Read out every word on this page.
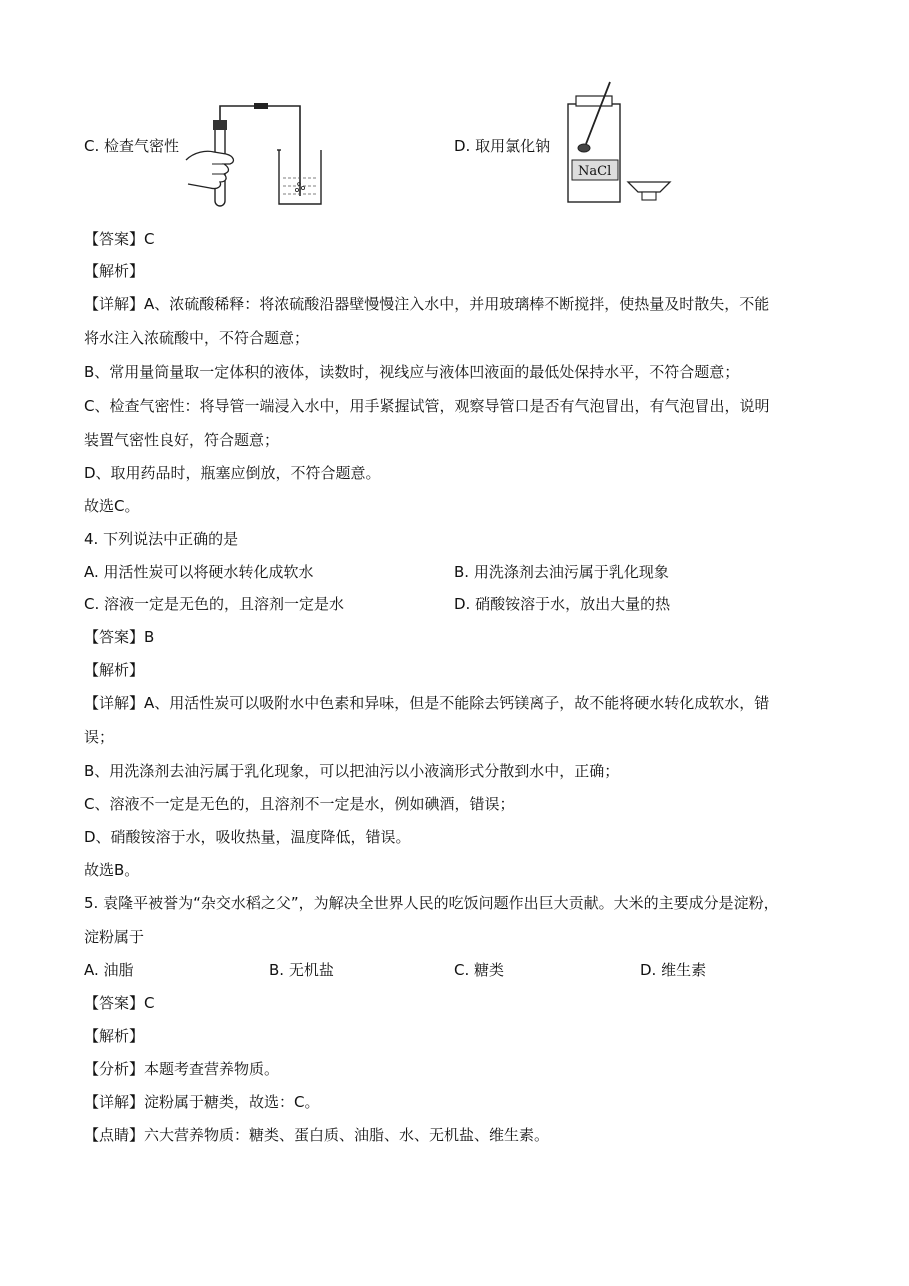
C. 检查气密性	D. 取用氯化钠
NaCl
【答案】C
【解析】
【详解】A、浓硫酸稀释：将浓硫酸沿器壁慢慢注入水中，并用玻璃棒不断搅拌，使热量及时散失，不能
将水注入浓硫酸中，不符合题意；
B、常用量筒量取一定体积的液体，读数时，视线应与液体凹液面的最低处保持水平，不符合题意；
C、检查气密性：将导管一端浸入水中，用手紧握试管，观察导管口是否有气泡冒出，有气泡冒出，说明
装置气密性良好，符合题意；
D、取用药品时，瓶塞应倒放，不符合题意。
故选C。
4. 下列说法中正确的是
A. 用活性炭可以将硬水转化成软水	B. 用洗涤剂去油污属于乳化现象
C. 溶液一定是无色的，且溶剂一定是水	D. 硝酸铵溶于水，放出大量的热
【答案】B
【解析】
【详解】A、用活性炭可以吸附水中色素和异味，但是不能除去钙镁离子，故不能将硬水转化成软水，错
误；
B、用洗涤剂去油污属于乳化现象，可以把油污以小液滴形式分散到水中，正确；
C、溶液不一定是无色的，且溶剂不一定是水，例如碘酒，错误；
D、硝酸铵溶于水，吸收热量，温度降低，错误。
故选B。
5. 袁隆平被誉为“杂交水稻之父”，为解决全世界人民的吃饭问题作出巨大贡献。大米的主要成分是淀粉，
淀粉属于
A. 油脂	B. 无机盐	C. 糖类	D. 维生素
【答案】C
【解析】
【分析】本题考查营养物质。
【详解】淀粉属于糖类，故选：C。
【点睛】六大营养物质：糖类、蛋白质、油脂、水、无机盐、维生素。
